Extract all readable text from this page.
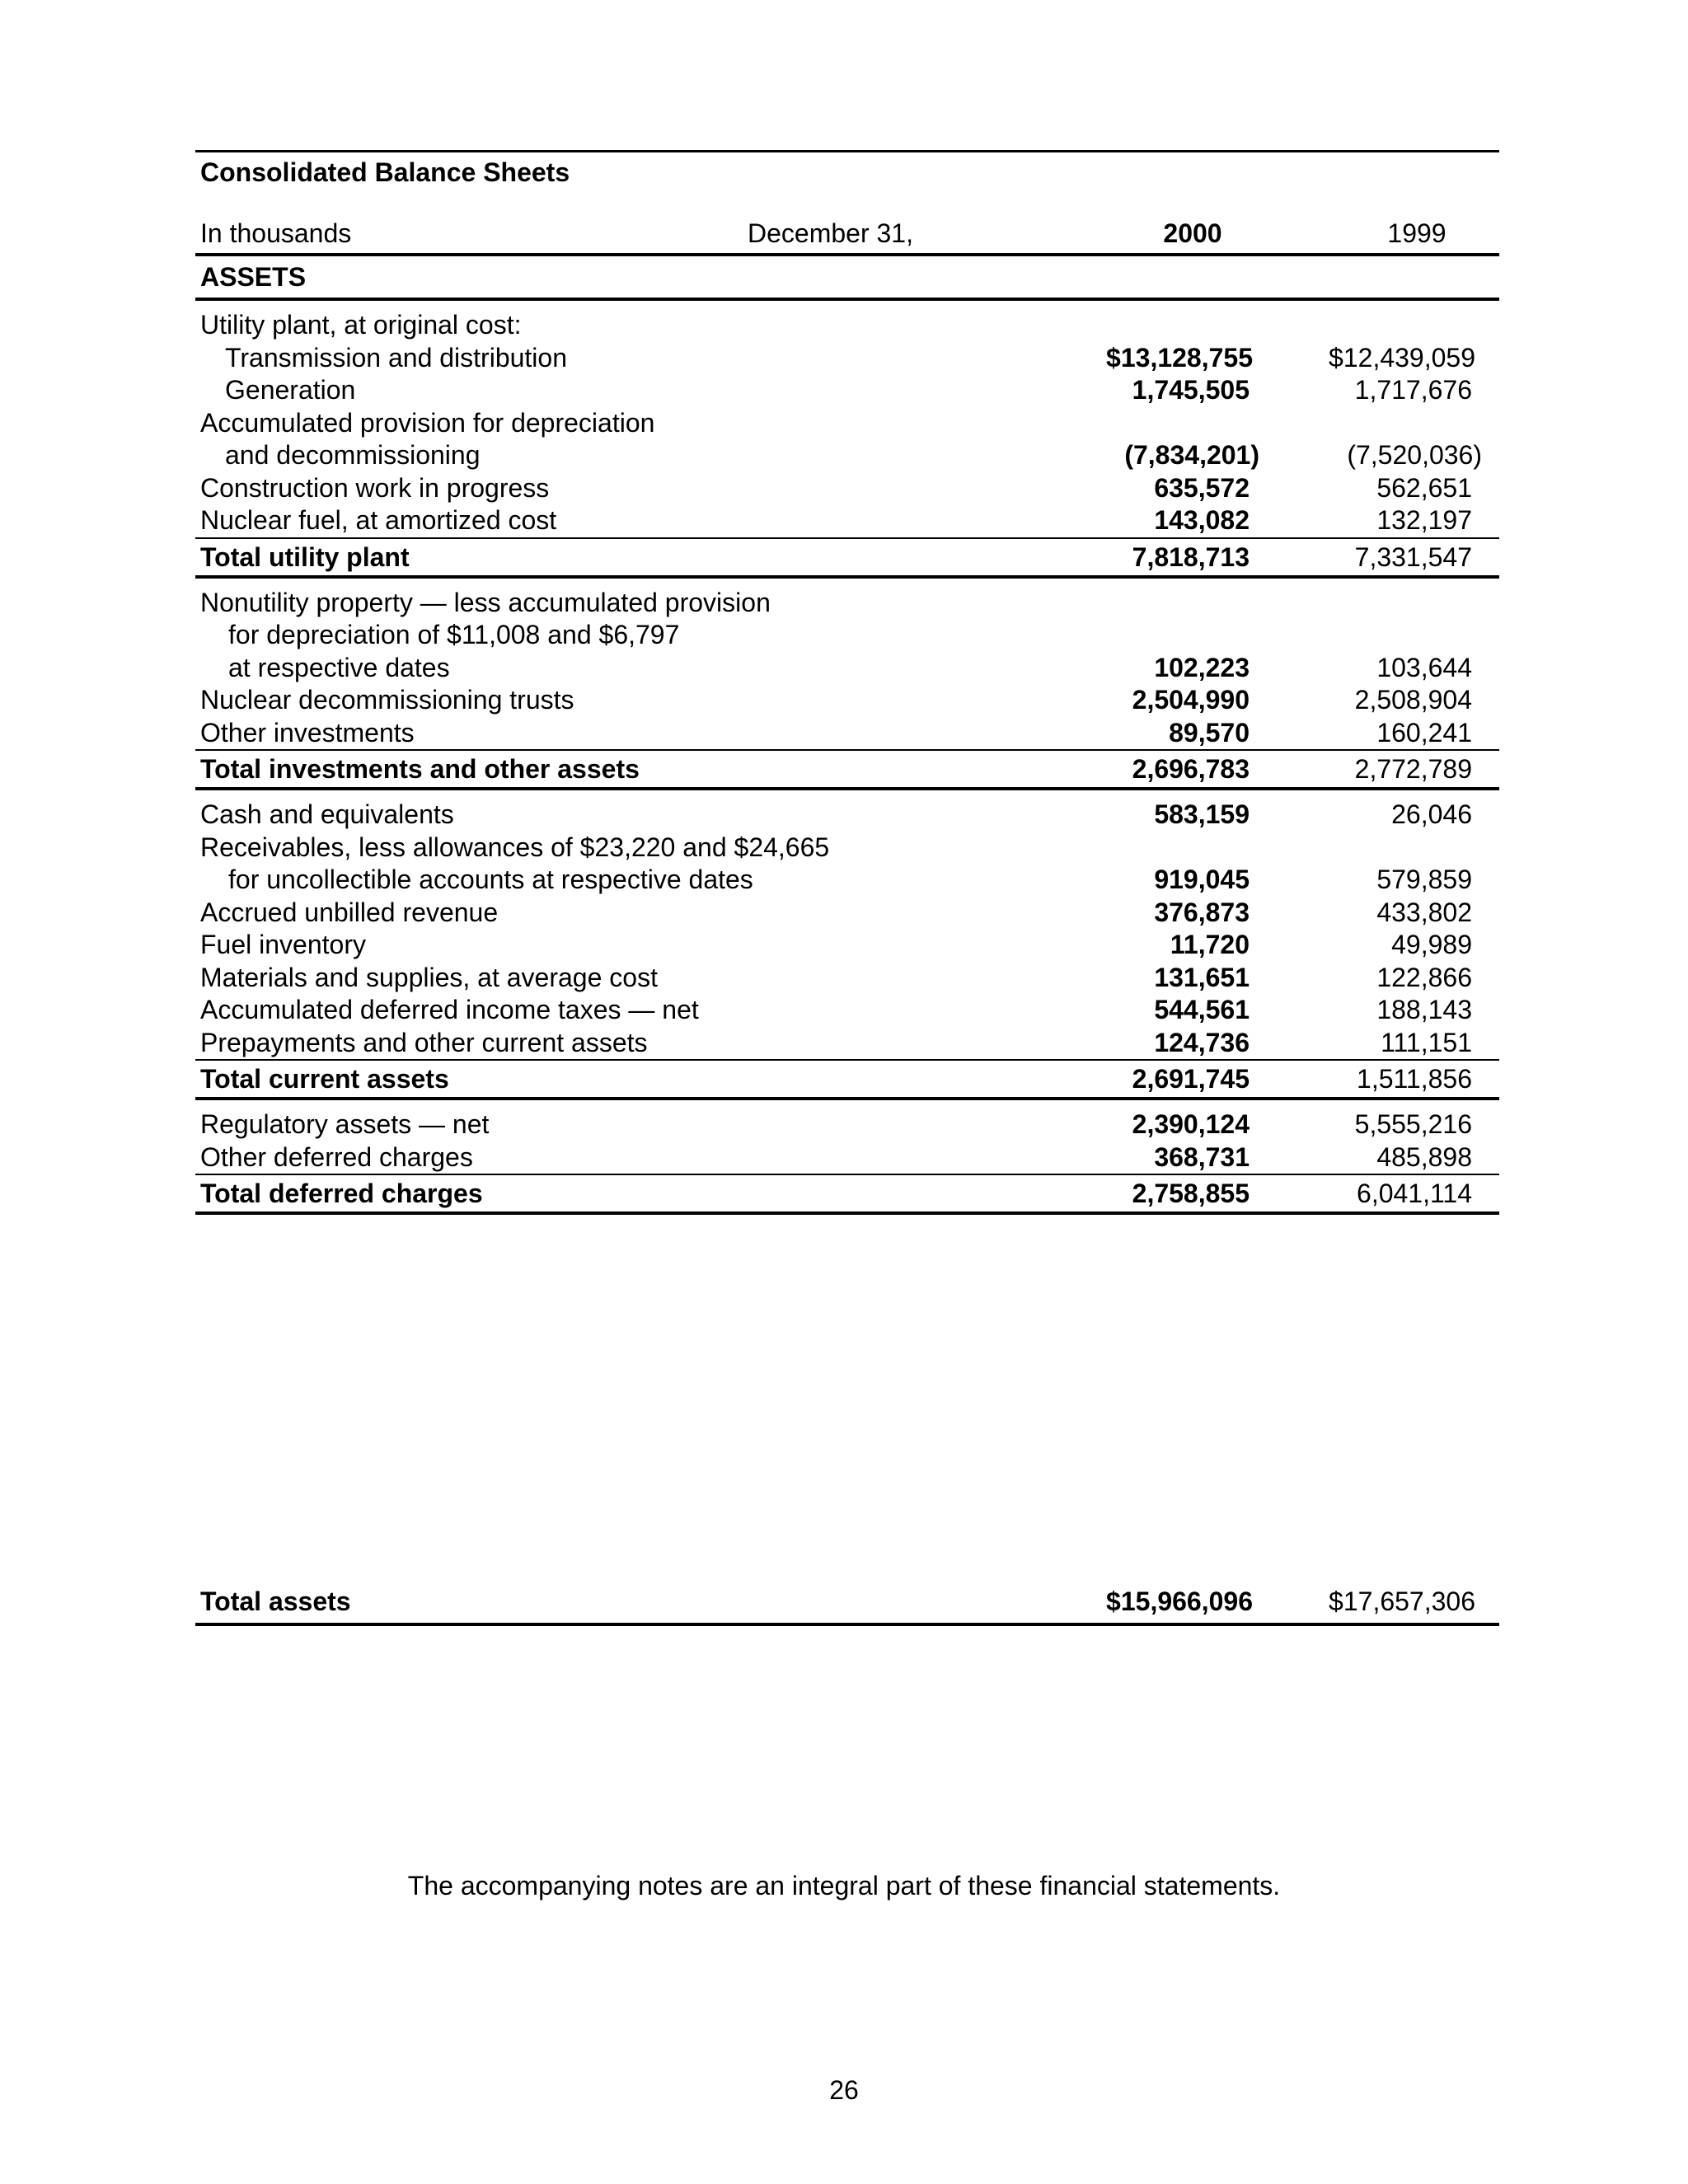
Consolidated Balance Sheets
In thousands	December 31,	2000	1999
ASSETS
Utility plant, at original cost:
Transmission and distribution	$13,128,755	$12,439,059
Generation	1,745,505	1,717,676
Accumulated provision for depreciation
and decommissioning	(7,834,201)	(7,520,036)
Construction work in progress	635,572	562,651
Nuclear fuel, at amortized cost	143,082	132,197
Total utility plant	7,818,713	7,331,547
Nonutility property — less accumulated provision
for depreciation of $11,008 and $6,797
at respective dates	102,223	103,644
Nuclear decommissioning trusts	2,504,990	2,508,904
Other investments	89,570	160,241
Total investments and other assets	2,696,783	2,772,789
Cash and equivalents	583,159	26,046
Receivables, less allowances of $23,220 and $24,665
for uncollectible accounts at respective dates	919,045	579,859
Accrued unbilled revenue	376,873	433,802
Fuel inventory	11,720	49,989
Materials and supplies, at average cost	131,651	122,866
Accumulated deferred income taxes — net	544,561	188,143
Prepayments and other current assets	124,736	111,151
Total current assets	2,691,745	1,511,856
Regulatory assets — net	2,390,124	5,555,216
Other deferred charges	368,731	485,898
Total deferred charges	2,758,855	6,041,114
Total assets	$15,966,096	$17,657,306
The accompanying notes are an integral part of these financial statements.
26
